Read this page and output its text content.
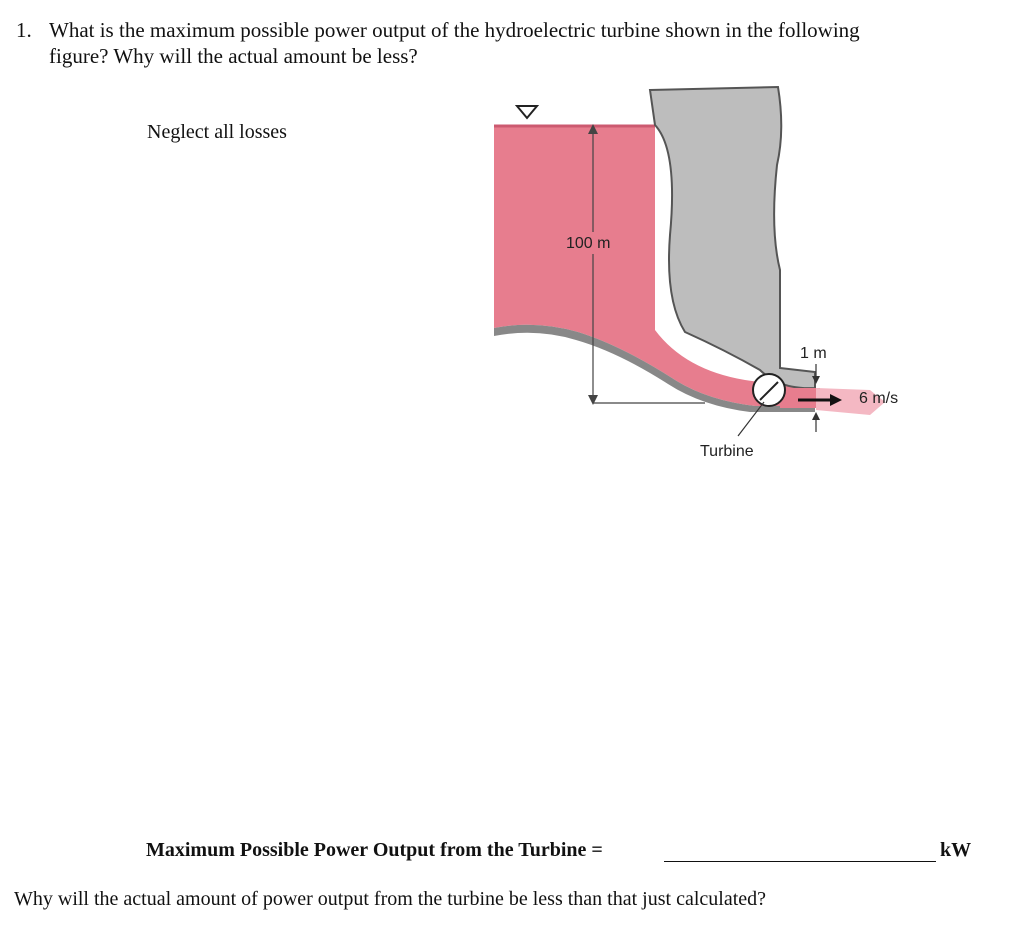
1. What is the maximum possible power output of the hydroelectric turbine shown in the following
figure? Why will the actual amount be less?
Neglect all losses
100 m
1 m
6 m/s
Turbine
Maximum Possible Power Output from the Turbine =	kW
Why will the actual amount of power output from the turbine be less than that just calculated?
